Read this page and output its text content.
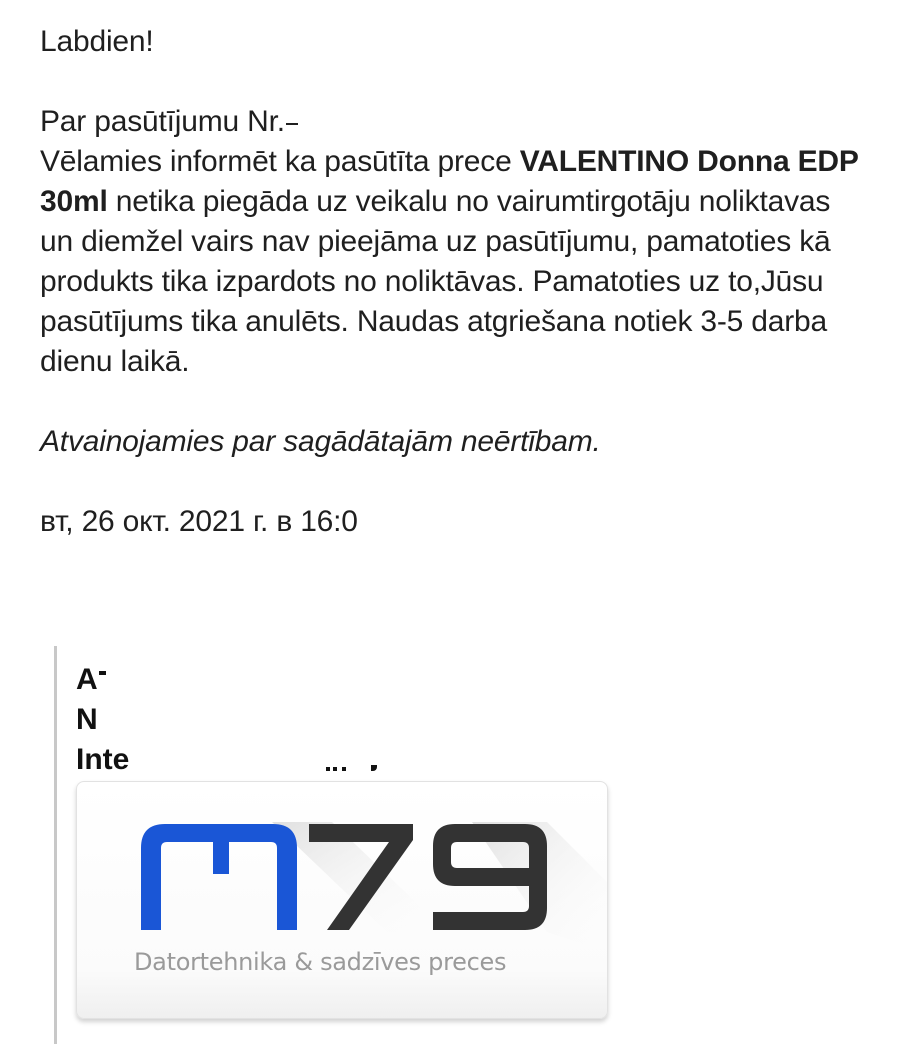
Labdien!

Par pasūtījumu Nr.

Vēlamies informēt ka pasūtīta prece VALENTINO Donna EDP 30ml netika piegāda uz veikalu no vairumtirgotāju noliktavas un diemžel vairs nav pieejāma uz pasūtījumu, pamatoties kā produkts tika izpardots no noliktāvas. Pamatoties uz to,Jūsu pasūtījums tika anulēts. Naudas atgriešana notiek 3-5 darba dienu laikā.

Atvainojamies par sagādātajām neērtībam.

вт, 26 окт. 2021 г. в 16:0
A
N
Inte
Datortehnika & sadzīves preces
